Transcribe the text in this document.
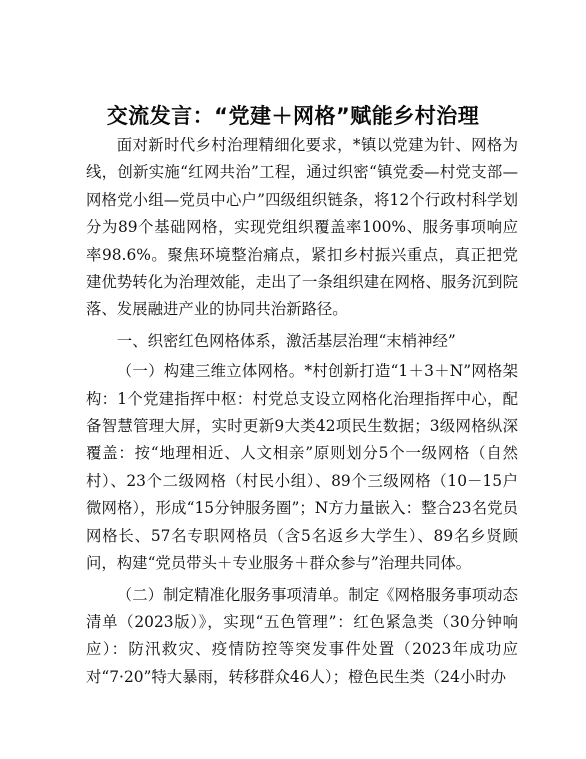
交流发言：“党建＋网格”赋能乡村治理

面对新时代乡村治理精细化要求，*镇以党建为针、网格为线，创新实施“红网共治”工程，通过织密“镇党委—村党支部—网格党小组—党员中心户”四级组织链条，将12个行政村科学划分为89个基础网格，实现党组织覆盖率100%、服务事项响应率98.6%。聚焦环境整治痛点，紧扣乡村振兴重点，真正把党建优势转化为治理效能，走出了一条组织建在网格、服务沉到院落、发展融进产业的协同共治新路径。

一、织密红色网格体系，激活基层治理“末梢神经”

（一）构建三维立体网格。*村创新打造“1＋3＋N”网格架构：1个党建指挥中枢：村党总支设立网格化治理指挥中心，配备智慧管理大屏，实时更新9大类42项民生数据；3级网格纵深覆盖：按“地理相近、人文相亲”原则划分5个一级网格（自然村）、23个二级网格（村民小组）、89个三级网格（10－15户微网格），形成“15分钟服务圈”；N方力量嵌入：整合23名党员网格长、57名专职网格员（含5名返乡大学生）、89名乡贤顾问，构建“党员带头＋专业服务＋群众参与”治理共同体。

（二）制定精准化服务事项清单。制定《网格服务事项动态清单（2023版）》，实现“五色管理”：红色紧急类（30分钟响应）：防汛救灾、疫情防控等突发事件处置（2023年成功应对“7·20”特大暴雨，转移群众46人）；橙色民生类（24小时办
